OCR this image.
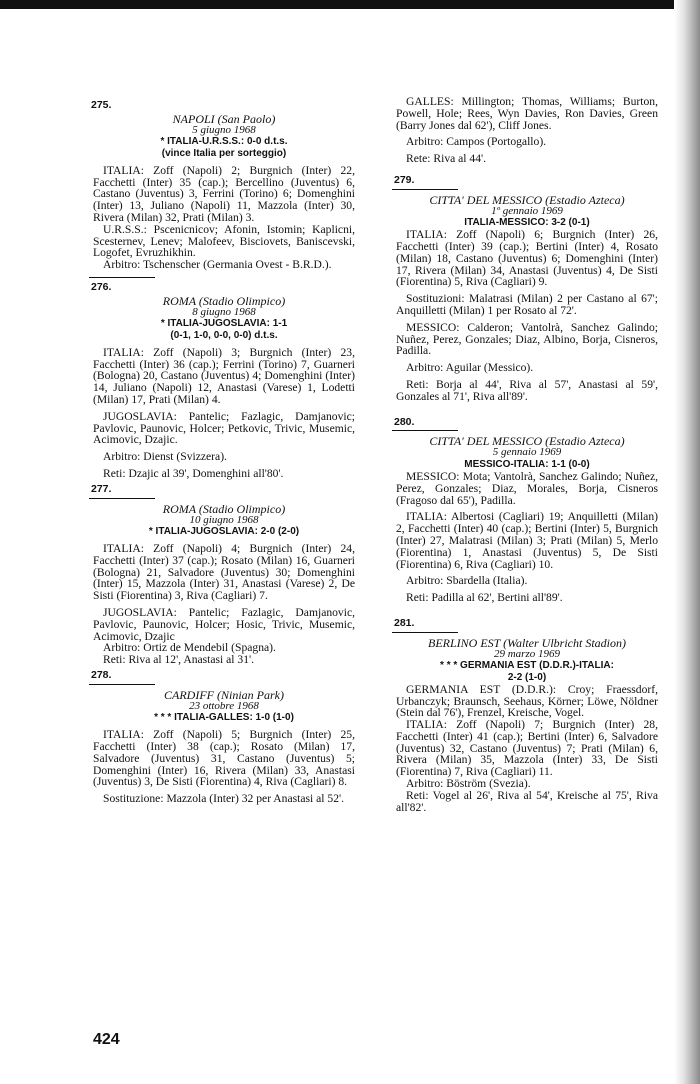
275.
NAPOLI (San Paolo)
5 giugno 1968
* ITALIA-U.R.S.S.: 0-0 d.t.s.
(vince Italia per sorteggio)

ITALIA: Zoff (Napoli) 2; Burgnich (Inter) 22, Facchetti (Inter) 35 (cap.); Bercellino (Juventus) 6, Castano (Juventus) 3, Ferrini (Torino) 6; Domenghini (Inter) 13, Juliano (Napoli) 11, Mazzola (Inter) 30, Rivera (Milan) 32, Prati (Milan) 3.

U.R.S.S.: Pscenicnicov; Afonin, Istomin; Kaplicni, Scesternev, Lenev; Malofeev, Bisciovets, Baniscevski, Logofet, Evruzhikhin.

Arbitro: Tschenscher (Germania Ovest - B.R.D.).

276.
ROMA (Stadio Olimpico)
8 giugno 1968
* ITALIA-JUGOSLAVIA: 1-1
(0-1, 1-0, 0-0, 0-0) d.t.s.

ITALIA: Zoff (Napoli) 3; Burgnich (Inter) 23, Facchetti (Inter) 36 (cap.); Ferrini (Torino) 7, Guarneri (Bologna) 20, Castano (Juventus) 4; Domenghini (Inter) 14, Juliano (Napoli) 12, Anastasi (Varese) 1, Lodetti (Milan) 17, Prati (Milan) 4.

JUGOSLAVIA: Pantelic; Fazlagic, Damjanovic; Pavlovic, Paunovic, Holcer; Petkovic, Trivic, Musemic, Acimovic, Dzajic.

Arbitro: Dienst (Svizzera).

Reti: Dzajic al 39', Domenghini all'80'.

277.
ROMA (Stadio Olimpico)
10 giugno 1968
* ITALIA-JUGOSLAVIA: 2-0 (2-0)

ITALIA: Zoff (Napoli) 4; Burgnich (Inter) 24, Facchetti (Inter) 37 (cap.); Rosato (Milan) 16, Guarneri (Bologna) 21, Salvadore (Juventus) 30; Domenghini (Inter) 15, Mazzola (Inter) 31, Anastasi (Varese) 2, De Sisti (Fiorentina) 3, Riva (Cagliari) 7.

JUGOSLAVIA: Pantelic; Fazlagic, Damjanovic, Pavlovic, Paunovic, Holcer; Hosic, Trivic, Musemic, Acimovic, Dzajic

Arbitro: Ortiz de Mendebil (Spagna).

Reti: Riva al 12', Anastasi al 31'.

278.
CARDIFF (Ninian Park)
23 ottobre 1968
* * * ITALIA-GALLES: 1-0 (1-0)

ITALIA: Zoff (Napoli) 5; Burgnich (Inter) 25, Facchetti (Inter) 38 (cap.); Rosato (Milan) 17, Salvadore (Juventus) 31, Castano (Juventus) 5; Domenghini (Inter) 16, Rivera (Milan) 33, Anastasi (Juventus) 3, De Sisti (Fiorentina) 4, Riva (Cagliari) 8.

Sostituzione: Mazzola (Inter) 32 per Anastasi al 52'.

GALLES: Millington; Thomas, Williams; Burton, Powell, Hole; Rees, Wyn Davies, Ron Davies, Green (Barry Jones dal 62'), Cliff Jones.

Arbitro: Campos (Portogallo).

Rete: Riva al 44'.

279.
CITTA' DEL MESSICO (Estadio Azteca)
1º gennaio 1969
ITALIA-MESSICO: 3-2 (0-1)

ITALIA: Zoff (Napoli) 6; Burgnich (Inter) 26, Facchetti (Inter) 39 (cap.); Bertini (Inter) 4, Rosato (Milan) 18, Castano (Juventus) 6; Domenghini (Inter) 17, Rivera (Milan) 34, Anastasi (Juventus) 4, De Sisti (Fiorentina) 5, Riva (Cagliari) 9.

Sostituzioni: Malatrasi (Milan) 2 per Castano al 67'; Anquilletti (Milan) 1 per Rosato al 72'.

MESSICO: Calderon; Vantolrà, Sanchez Galindo; Nuñez, Perez, Gonzales; Diaz, Albino, Borja, Cisneros, Padilla.

Arbitro: Aguilar (Messico).

Reti: Borja al 44', Riva al 57', Anastasi al 59', Gonzales al 71', Riva all'89'.

280.
CITTA' DEL MESSICO (Estadio Azteca)
5 gennaio 1969
MESSICO-ITALIA: 1-1 (0-0)

MESSICO: Mota; Vantolrà, Sanchez Galindo; Nuñez, Perez, Gonzales; Diaz, Morales, Borja, Cisneros (Fragoso dal 65'), Padilla.

ITALIA: Albertosi (Cagliari) 19; Anquilletti (Milan) 2, Facchetti (Inter) 40 (cap.); Bertini (Inter) 5, Burgnich (Inter) 27, Malatrasi (Milan) 3; Prati (Milan) 5, Merlo (Fiorentina) 1, Anastasi (Juventus) 5, De Sisti (Fiorentina) 6, Riva (Cagliari) 10.

Arbitro: Sbardella (Italia).

Reti: Padilla al 62', Bertini all'89'.

281.
BERLINO EST (Walter Ulbricht Stadion)
29 marzo 1969
* * * GERMANIA EST (D.D.R.)-ITALIA:
2-2 (1-0)

GERMANIA EST (D.D.R.): Croy; Fraessdorf, Urbanczyk; Braunsch, Seehaus, Körner; Löwe, Nöldner (Stein dal 76'), Frenzel, Kreische, Vogel.

ITALIA: Zoff (Napoli) 7; Burgnich (Inter) 28, Facchetti (Inter) 41 (cap.); Bertini (Inter) 6, Salvadore (Juventus) 32, Castano (Juventus) 7; Prati (Milan) 6, Rivera (Milan) 35, Mazzola (Inter) 33, De Sisti (Fiorentina) 7, Riva (Cagliari) 11.

Arbitro: Böström (Svezia).

Reti: Vogel al 26', Riva al 54', Kreische al 75', Riva all'82'.

424
